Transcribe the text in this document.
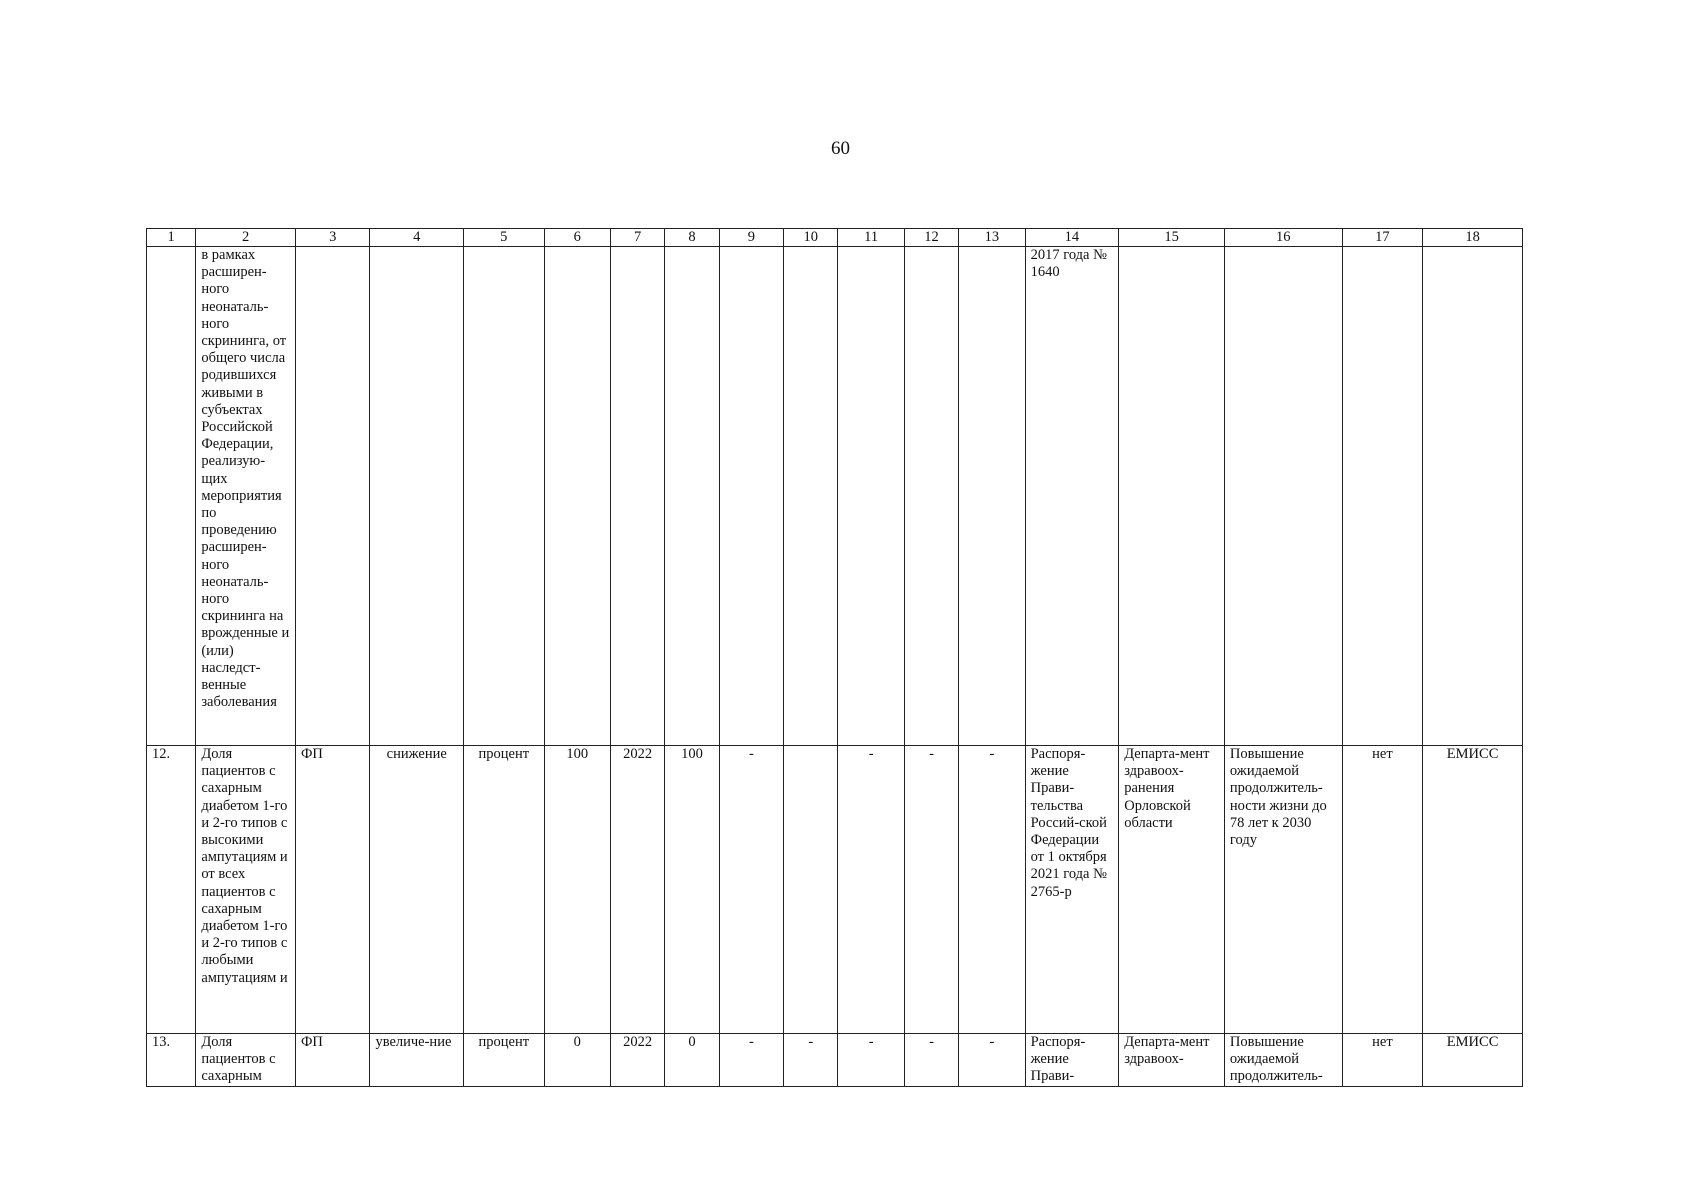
60
1	2	3	4	5	6	7	8	9	10	11	12	13	14	15	16	17	18
	в рамках расширен-ного неонаталь-ного скрининга, от общего числа родившихся живыми в субъектах Российской Федерации, реализую-щих мероприятия по проведению расширен-ного неонаталь-ного скрининга на врожденные и (или) наследст-венные заболевания												2017 года № 1640				
12.	Доля пациентов с сахарным диабетом 1-го и 2-го типов с высокими ампутациям и от всех пациентов с сахарным диабетом 1-го и 2-го типов с любыми ампутациям и	ФП	снижение	процент	100	2022	100	-		-	-	-	Распоря-жение Прави-тельства Россий-ской Федерации от 1 октября 2021 года № 2765-р	Департа-мент здравоох-ранения Орловской области	Повышение ожидаемой продолжитель-ности жизни до 78 лет к 2030 году	нет	ЕМИСС
13.	Доля пациентов с сахарным	ФП	увеличе-ние	процент	0	2022	0	-	-	-	-	-	Распоря-жение Прави-	Департа-мент здравоох-	Повышение ожидаемой продолжитель-	нет	ЕМИСС
